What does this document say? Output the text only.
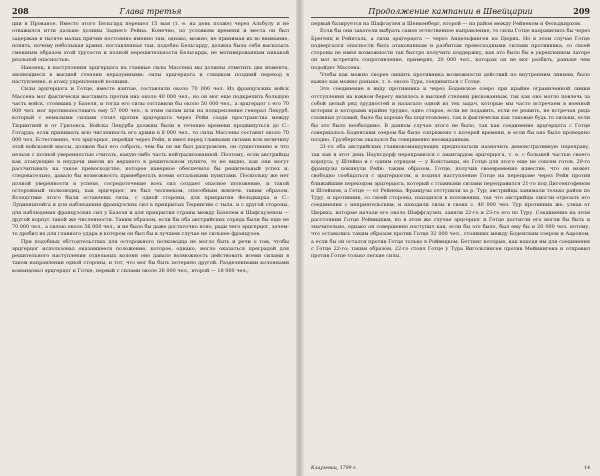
208	Глава третья

ции в Провансе. Вместо этого Бельгард перешел 15 мая (т. е. на день позже) через Альбулу и не отважился итти дальше долины Заднего Рейна. Конечно, по условиям времени и места он был задержан в тысяче малых причин постоянно именно там, однако, можно, не принимая их во внимание, понять, почему небольшая армия, поставленная там, подобно Бельгарду, должна была себя высказать смешным образом этой трусости и полной нерешительности Бельгарда, не мотивированным никакой реальной опасностью.

Наконец, в наступлении эрцгерцога на главные силы Массены мы должны отметить два момента, являющиеся в высшей степени неразумными: силы эрцгерцога и слишком поздний переход в наступление, и атаку укрепленной позиции.

Силы эрцгерцога и Готце, вместе взятые, составляли около 70 000 чел. Из французских войск Массена мог фактически выставить против них около 40 000 чел.; но он мог еще подкрепить большую часть войск, стоявших у Базеля, и тогда его силы составили бы около 50 000 чел., а эрцгерцог с его 70 000 чел. мог противопоставить ему 57 000 чел.; к этим силам шли на подкрепление генерал Лекурб, который с немалыми силами стоял против эрцгерцога через Рейн сзади пространства между Тюрингией и от Гризонса. Войска Лекурба должны были в течение времени продвинуться до С.-Готарда; если принимать всю численность его армии в 8 000 чел., то силы Массены составят около 70 000 чел. Естественно, что эрцгерцог, перейдя через Рейн, и имел перед главными силами всю величину этой войсковой массы, должен был его собрать, чем бы он ни был разгромлен, он существенно и что нельзя с полной уверенностью считать, какую-либо часть нейтрализованной. Поэтому, если австрийцы как атакующие в неудачи имели из верхнего в решительном пункте, то не видно, как они могут рассчитывать на такое превосходство, которое наверное обеспечило бы решительный успех и, следовательно, давало бы возможность принебрегать всеми остальными пунктами. Поскольку же нет полной уверенности в успехе, сосредоточение всех сил создает опасное положение, и такой осторожный полководец, как эрцгерцог, не был человеком, способным вовлечь таким образом. Вследствие этого были оставлены силы, с одной стороны, для прикрытия Фельдкирха и С.-Луциенштейга и для наблюдения французских сил в прикрытых Тюрингию с тыла, и с другой стороны, для наблюдения французских сил у Базеля и для прикрытия страны между Базелем и Шафгаузеном — другой корпус такой же численности. Таким образом, если бы оба австрийских отряда были бы еще не 70 000 чел., а силою около 56 000 чел., и не было бы даже достаточно ясно, ради чего эрцгерцог, зачем-то дробил их для главного удара в котором он был бы в лучшем случае не сильнее французов.

При подобных обстоятельствах для осторожного полководца не могло быть и речи о том, чтобы эрцгерцог использовал оказавшееся положение, которое, однако, могло оказаться преградой для решительного наступления отдельных колонн оно давало возможность действовать всеми силами в таком направлении одной стороны, и тот, что мог бы быть потеряно другой. Разделенными колоннами командовал эрцгерцог и Готце, первый с силами около 38 000 чел., второй — 18 000 чел.;

Продолжение кампании в Швейцарии	209

первый базируется на Шафгаузен и Шенкенберг, второй — на район между Рейнеком и Фельдкирхом.

Если бы они захотели выбрать самое естественное направление, то силы Готце направились бы через Брегенц и Рейнталь, а силы эрцгерцога — через Андельфинген на Цюрих. Но в этом случае Готце подвергался опасности быть атакованным и разбитым превосходными силами противника, со своей стороны не имея возможности так быстро получить поддержку, как это было бы в укрепленном лагере он мог встретить сопротивление, примерно, 20 000 чел., которых он не мог разбить, раньше чем подойдет Массена.

Чтобы как можно скорее лишить противника возможности действий по внутренним линиям, было важно как можно раньше, т. е. около Тура, соединиться с Готце.

Это соединение в виду противника и через Боденское озеро при крайне ограниченной линии отступления на южном берегу являлось в высшей степени рискованным, так как оно могло повлечь за собой целый ряд трудностей и налагало одной из тех задач, которые мы часто встречаем в военной истории и которыми крайне трудно, одно старое, если не подавить, если ее решить, не встречая ряда сложных условий, было бы хорошо бы подготовлено, так и фактически как таковые будь то сильны, если бы это было необходимо. В данном случае этого не было, так как соединение эрцгерцога с Готце совершалось Боденским озером бы было сопряжено с потерей времени, и если бы оно было проведено поздно, Грузбергом оказался бы совершенно неожиданным.

21-го оба австрийских главнокомандующих предполагали назначить демонстративную переправу, так как в этот день Наунсдорф переправился с авангардом эрцгерцога, т. е. с большей частью своего корпуса, у Штейна и с одним отрядом — у Констанцы, но Готце для этого еще не совсем готов. 20-го французы покинули Рейн: таким образом, Готце, получив своевременно известие, что он может свободно сообщаться с эрцгерцогом, и поднял наступление Готце на переправе через Рейн против ближайшим переходом эрцгерцога, который с главными силами переправился 21-го под Диссенгофеном и Штейном, а Готце — от Рейнека. Французы отступили за р. Тур; австрийцы занимали только район по Туру, и противник, со своей стороны, находился в положении, так что австрийцы смогли отрезать его соединения с неприятельским, и находили силы в своих с. 40 000 чел. Тур противник же, узнав от Цюриха, которые начали его около Шаффгаузен, заняли 22-го и 23-го его по Туру. Соединение на этом расстоянии Готце Ройвицким, но в этом же случае эрцгерцог и Готце достигли его могли бы быть и значительно, однако он совершенно поступил как, если бы это было, был ему бы и 20 000 чел. потому, что оставались таким образом против Готце 32 000 чел., стоявших между Боденским озером и Аароном, а если бы он остался против Готце только в Ройвицком, Беттинг которые, как находя им для соединения с Готце 22-го; таким образом, 22-го стоял Готце у Тура Вигольтинген против Мейнингена и отправил против Готце только легкие силы.

Клаузевиц, 1799 г.	14
